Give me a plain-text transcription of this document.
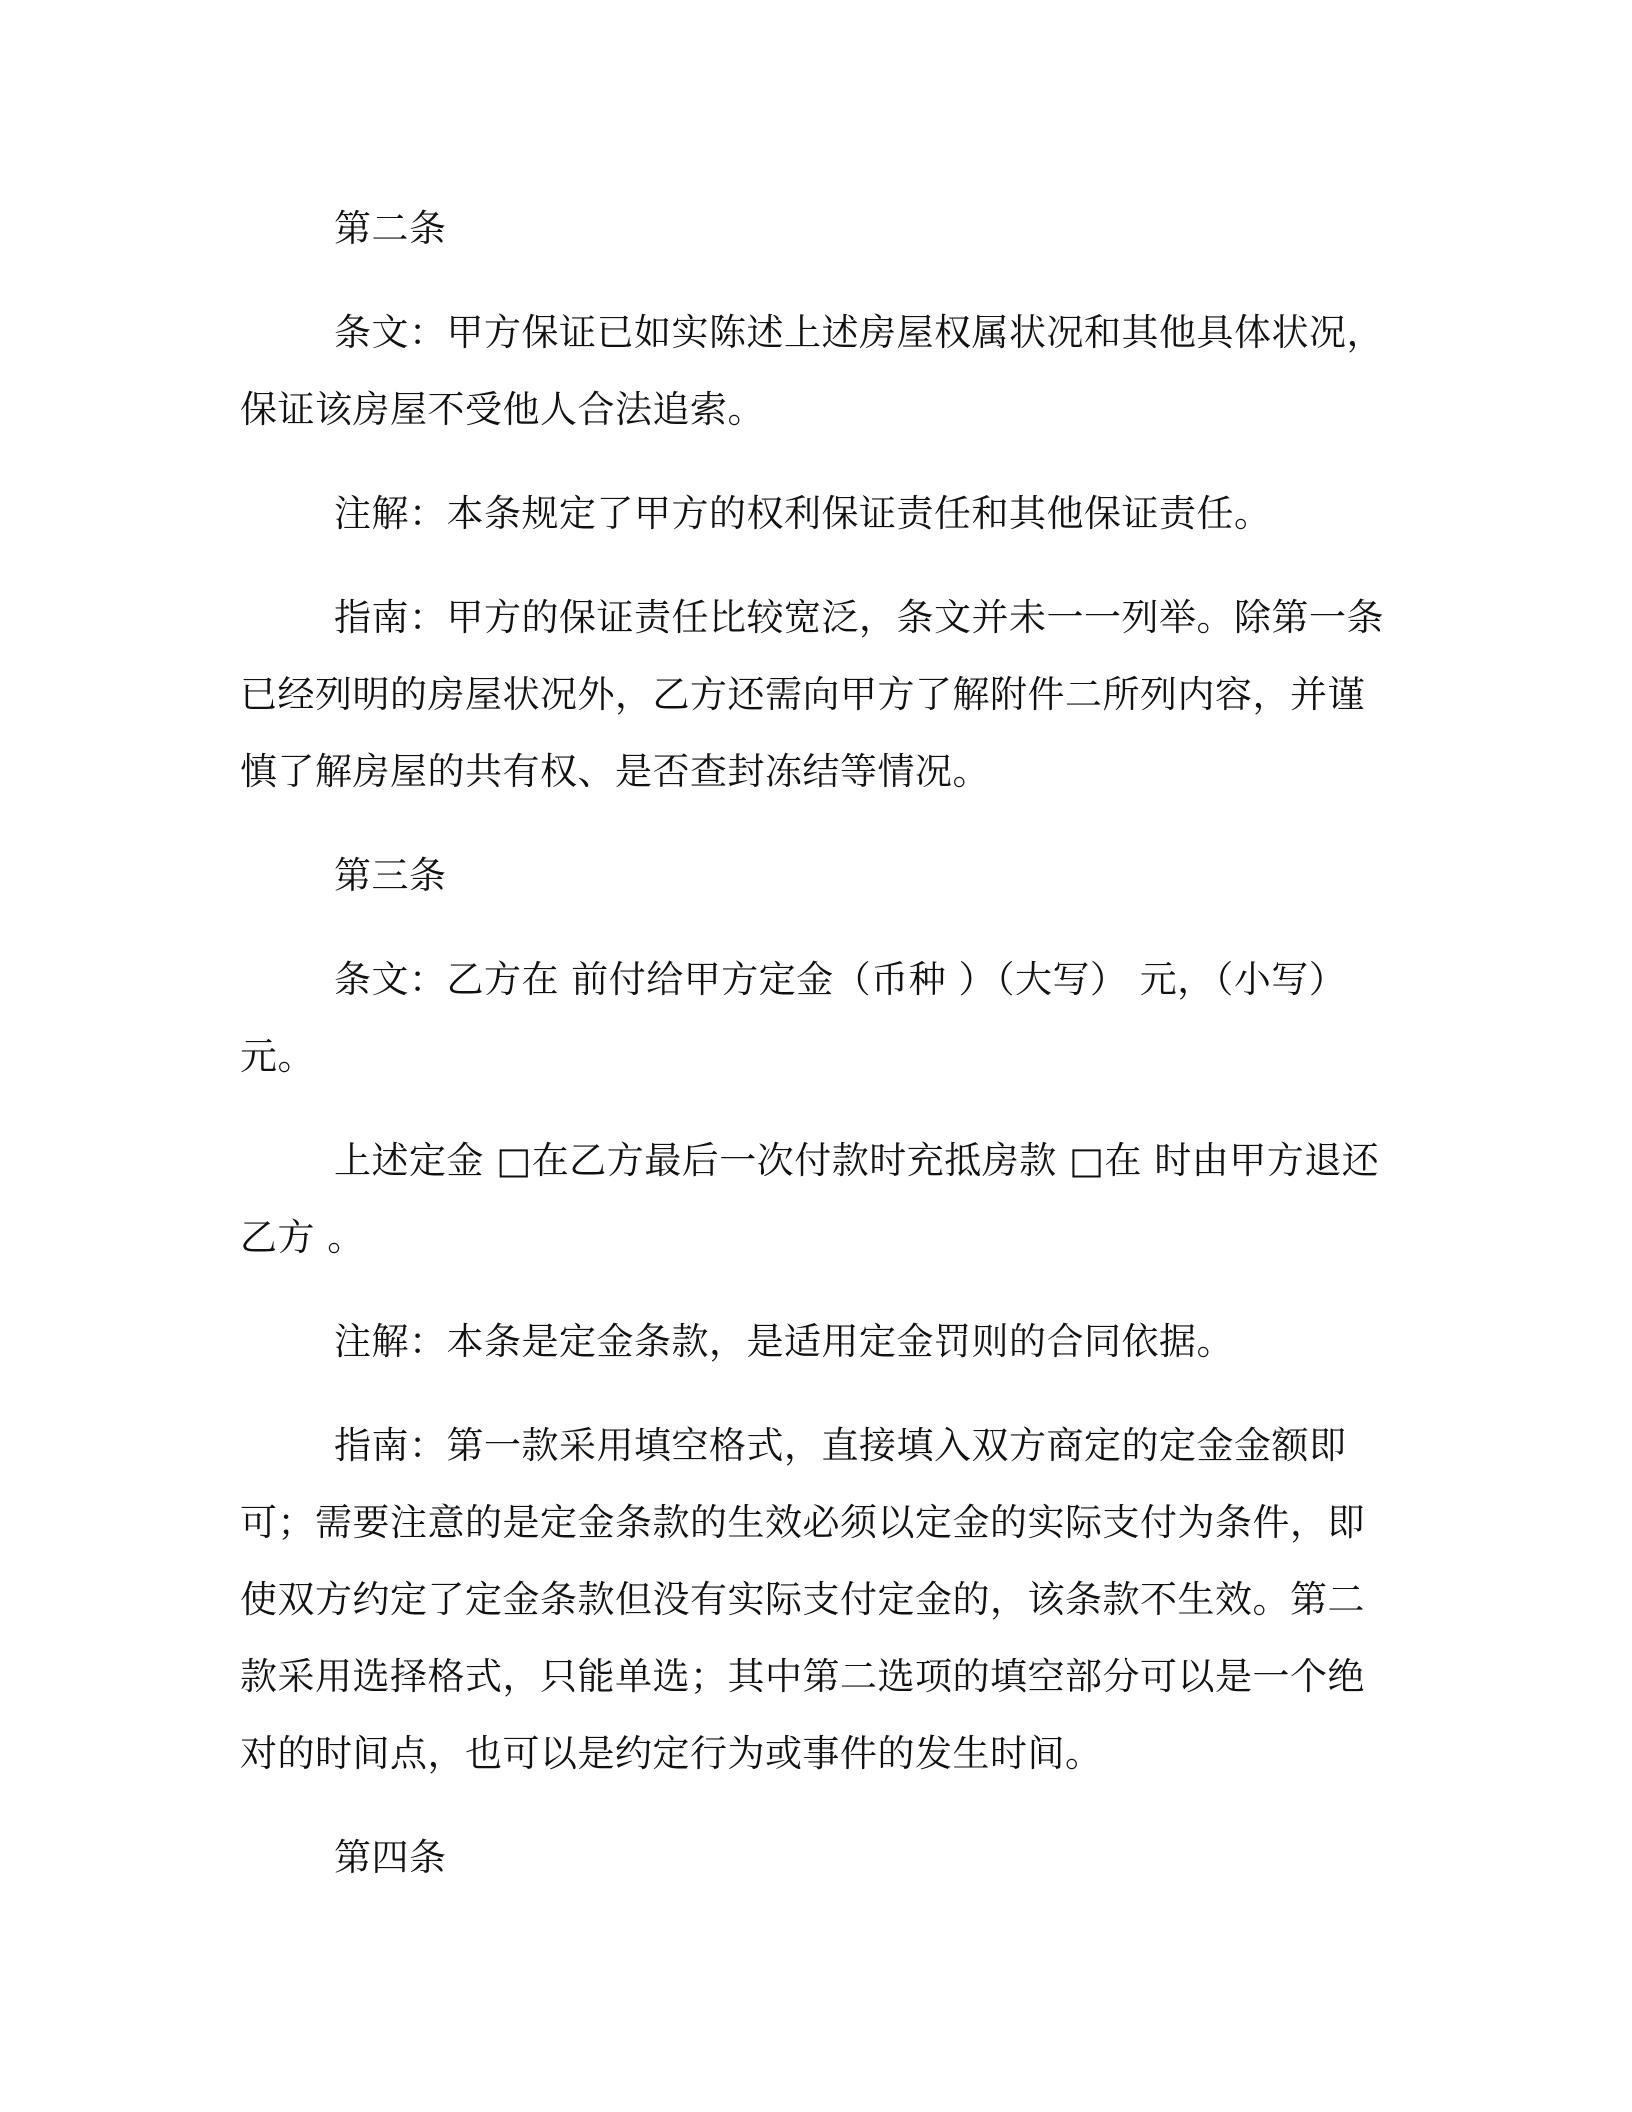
第二条

条文：甲方保证已如实陈述上述房屋权属状况和其他具体状况，保证该房屋不受他人合法追索。

注解：本条规定了甲方的权利保证责任和其他保证责任。

指南：甲方的保证责任比较宽泛，条文并未一一列举。除第一条已经列明的房屋状况外，乙方还需向甲方了解附件二所列内容，并谨慎了解房屋的共有权、是否查封冻结等情况。

第三条

条文：乙方在 前付给甲方定金（币种 ）（大写） 元，（小写） 元。

上述定金 □在乙方最后一次付款时充抵房款 □在 时由甲方退还乙方 。

注解：本条是定金条款，是适用定金罚则的合同依据。

指南：第一款采用填空格式，直接填入双方商定的定金金额即可；需要注意的是定金条款的生效必须以定金的实际支付为条件，即使双方约定了定金条款但没有实际支付定金的，该条款不生效。第二款采用选择格式，只能单选；其中第二选项的填空部分可以是一个绝对的时间点，也可以是约定行为或事件的发生时间。

第四条
